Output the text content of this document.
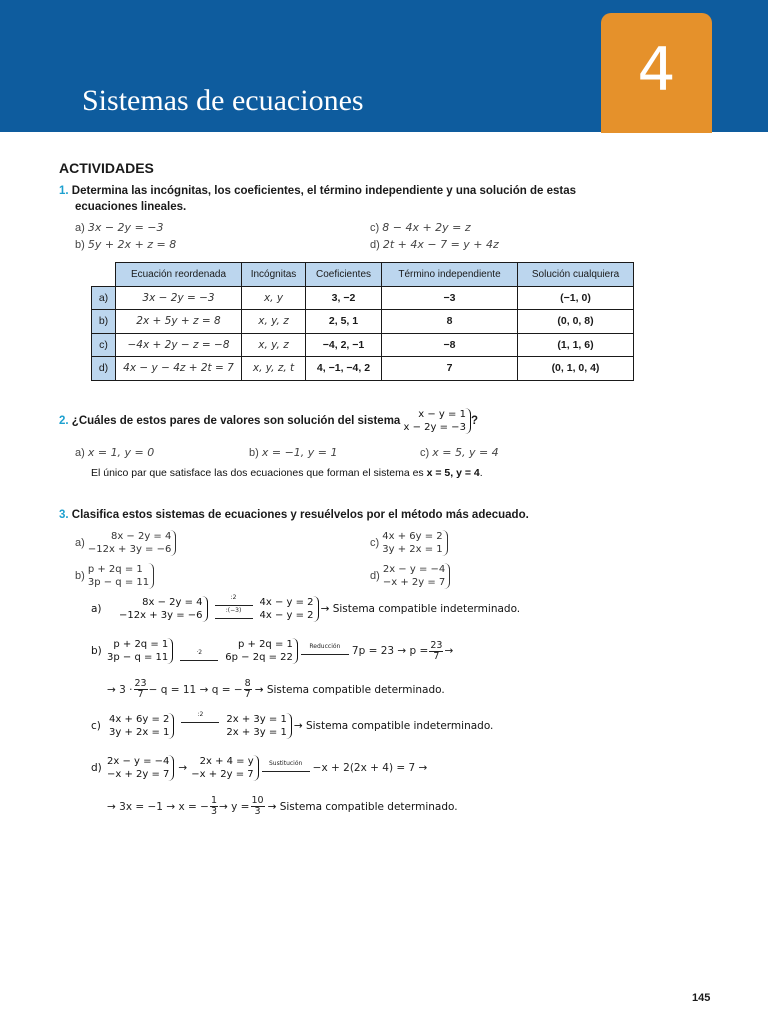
4
Sistemas de ecuaciones
ACTIVIDADES
1. Determina las incógnitas, los coeficientes, el término independiente y una solución de estas
ecuaciones lineales.
a) 3x − 2y = −3
b) 5y + 2x + z = 8
c) 8 − 4x + 2y = z
d) 2t + 4x − 7 = y + 4z
	Ecuación reordenada	Incógnitas	Coeficientes	Término independiente	Solución cualquiera
a)	3x − 2y = −3	x, y	3, −2	−3	(−1, 0)
b)	2x + 5y + z = 8	x, y, z	2, 5, 1	8	(0, 0, 8)
c)	−4x + 2y − z = −8	x, y, z	−4, 2, −1	−8	(1, 1, 6)
d)	4x − y − 4z + 2t = 7	x, y, z, t	4, −1, −4, 2	7	(0, 1, 0, 4)
2. ¿Cuáles de estos pares de valores son solución del sistema
x − y = 1
x − 2y = −3
?
a) x = 1, y = 0	b) x = −1, y = 1	c) x = 5, y = 4
El único par que satisface las dos ecuaciones que forman el sistema es x = 5, y = 4.
3. Clasifica estos sistemas de ecuaciones y resuélvelos por el método más adecuado.
a)

8x − 2y = 4
−12x + 3y = −6
b)

p + 2q = 1
3p − q = 11
c)

4x + 6y = 2
3y + 2x = 1
d)

2x − y = −4
−x + 2y = 7
a)
8x − 2y = 4
−12x + 3y = −6
:2
:(−3)
4x − y = 2
4x − y = 2
→ Sistema compatible indeterminado.
b)
p + 2q = 1
3p − q = 11	·2
p + 2q = 1
6p − 2q = 22
Reducción	$7p = 23 \to p = \frac{23}{7}$ →
→ $3 \cdot \frac{23}{7} - q = 11 \to q$ = − $\frac{8}{7}$ → Sistema compatible determinado.
c)
4x + 6y = 2
3y + 2x = 1
:2	2x + 3y = 1
2x + 3y = 1
→ Sistema compatible indeterminado.
d)
2x − y = −4
−x + 2y = 7
→
2x + 4 = y
−x + 2y = 7
Sustitución −x + 2(2x + 4) = 7 →
→ 3x = −1 → x = − $\frac{1}{3} \to y = \frac{10}{3}$ → Sistema compatible determinado.
145
